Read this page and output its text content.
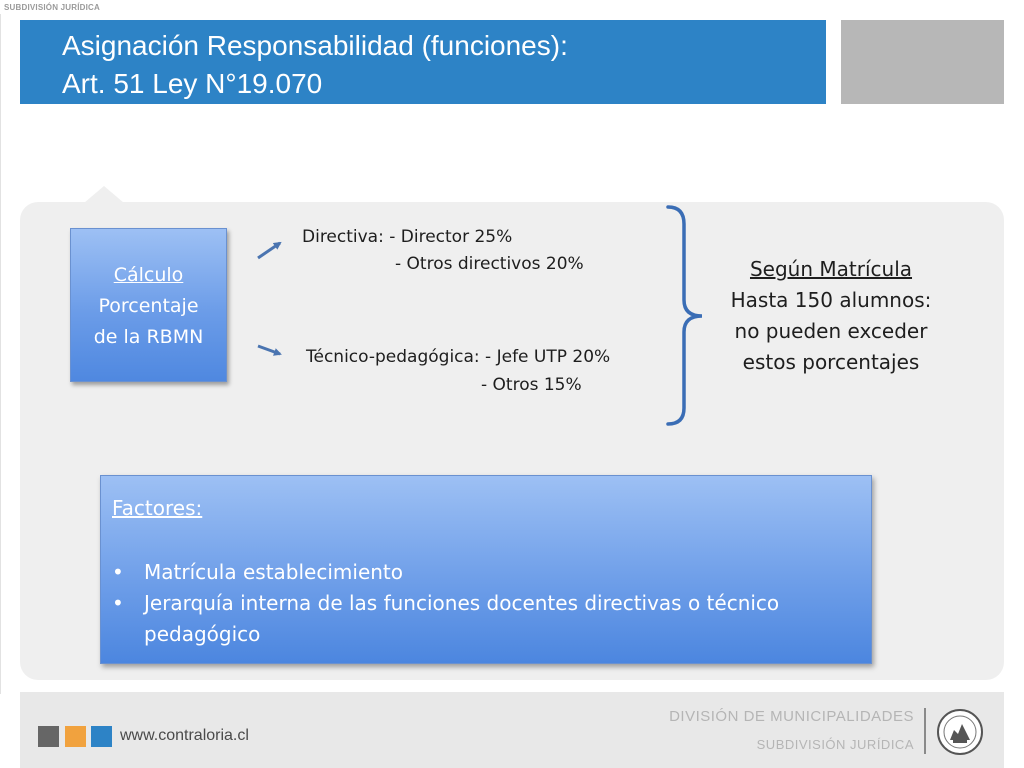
SUBDIVISIÓN JURÍDICA
Asignación Responsabilidad (funciones):
Art. 51 Ley N°19.070
Cálculo
Porcentaje
de la RBMN
Directiva: - Director 25%
- Otros directivos 20%
Técnico-pedagógica: - Jefe UTP 20%
- Otros 15%
Según Matrícula
Hasta 150 alumnos:
no pueden exceder
estos porcentajes
Factores:
• Matrícula establecimiento
• Jerarquía interna de las funciones docentes directivas o técnico pedagógico
www.contraloria.cl
DIVISIÓN DE MUNICIPALIDADES
SUBDIVISIÓN JURÍDICA
